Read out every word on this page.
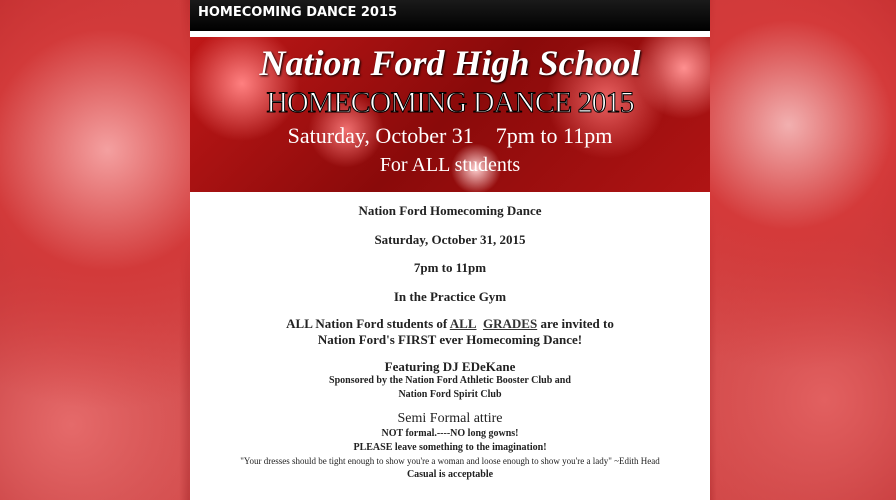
HOMECOMING DANCE 2015
Nation Ford High School
HOMECOMING DANCE 2015
Saturday, October 31 7pm to 11pm
For ALL students
Nation Ford Homecoming Dance
Saturday, October 31, 2015
7pm to 11pm
In the Practice Gym
ALL Nation Ford students of ALL GRADES are invited to
Nation Ford's FIRST ever Homecoming Dance!
Featuring DJ EDeKane
Sponsored by the Nation Ford Athletic Booster Club and
Nation Ford Spirit Club
Semi Formal attire
NOT formal.----NO long gowns!
PLEASE leave something to the imagination!
"Your dresses should be tight enough to show you're a woman and loose enough to show you're a lady" ~Edith Head
Casual is acceptable
